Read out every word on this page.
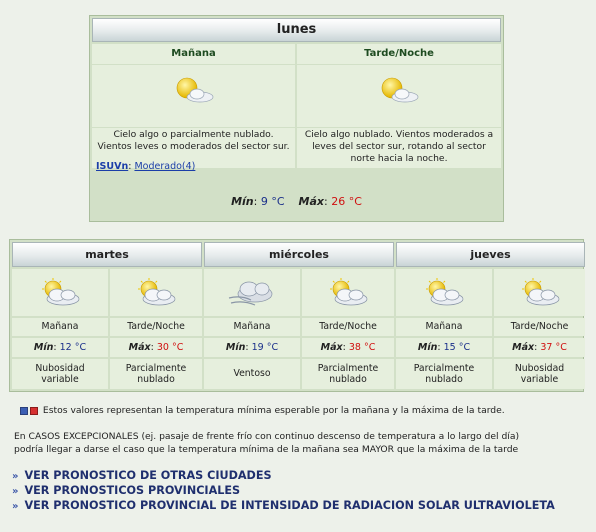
lunes
Mañana	Tarde/Noche
Cielo algo o parcialmente nublado. Vientos leves o moderados del sector sur.
Cielo algo nublado. Vientos moderados a leves del sector sur, rotando al sector norte hacia la noche.
ISUVn: Moderado(4)
Mín: 9 °C Máx: 26 °C
martes
Mañana
Mín: 12 °C
Nubosidad
variable
Tarde/Noche
Máx: 30 °C
Parcialmente
nublado
miércoles
Mañana
Mín: 19 °C
Ventoso
Tarde/Noche
Máx: 38 °C
Parcialmente
nublado
jueves
Mañana
Mín: 15 °C
Parcialmente
nublado
Tarde/Noche
Máx: 37 °C
Nubosidad
variable
Estos valores representan la temperatura mínima esperable por la mañana y la máxima de la tarde.
En CASOS EXCEPCIONALES (ej. pasaje de frente frío con continuo descenso de temperatura a lo largo del día)
podría llegar a darse el caso que la temperatura mínima de la mañana sea MAYOR que la máxima de la tarde
» VER PRONOSTICO DE OTRAS CIUDADES
» VER PRONOSTICOS PROVINCIALES
» VER PRONOSTICO PROVINCIAL DE INTENSIDAD DE RADIACION SOLAR ULTRAVIOLETA
